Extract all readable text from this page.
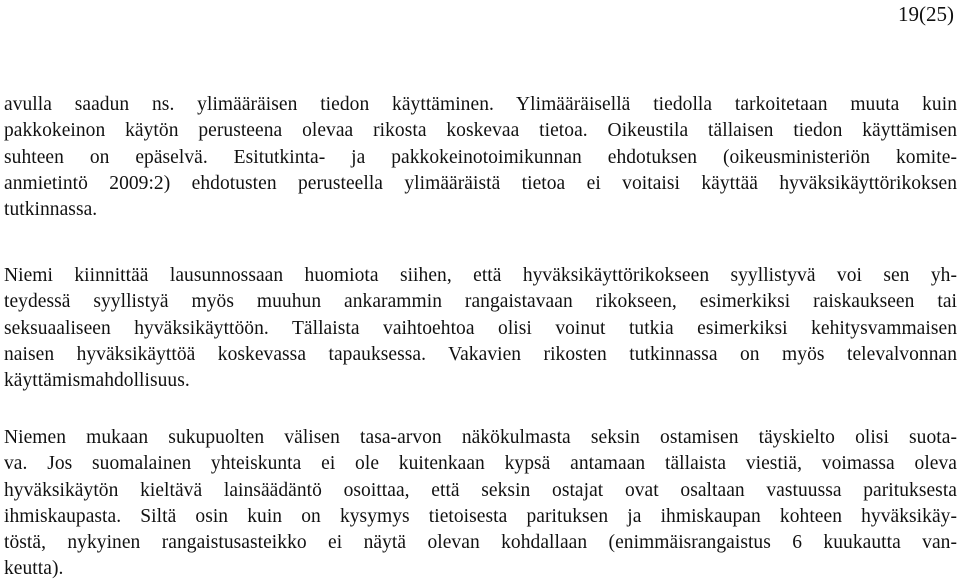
19(25)
avulla saadun ns. ylimääräisen tiedon käyttäminen. Ylimääräisellä tiedolla tarkoitetaan muuta kuin
pakkokeinon käytön perusteena olevaa rikosta koskevaa tietoa. Oikeustila tällaisen tiedon käyttämisen
suhteen on epäselvä. Esitutkinta- ja pakkokeinotoimikunnan ehdotuksen (oikeusministeriön komite-
anmietintö 2009:2) ehdotusten perusteella ylimääräistä tietoa ei voitaisi käyttää hyväksikäyttörikoksen
tutkinnassa.
Niemi kiinnittää lausunnossaan huomiota siihen, että hyväksikäyttörikokseen syyllistyvä voi sen yh-
teydessä syyllistyä myös muuhun ankarammin rangaistavaan rikokseen, esimerkiksi raiskaukseen tai
seksuaaliseen hyväksikäyttöön. Tällaista vaihtoehtoa olisi voinut tutkia esimerkiksi kehitysvammaisen
naisen hyväksikäyttöä koskevassa tapauksessa. Vakavien rikosten tutkinnassa on myös televalvonnan
käyttämismahdollisuus.
Niemen mukaan sukupuolten välisen tasa-arvon näkökulmasta seksin ostamisen täyskielto olisi suota-
va. Jos suomalainen yhteiskunta ei ole kuitenkaan kypsä antamaan tällaista viestiä, voimassa oleva
hyväksikäytön kieltävä lainsäädäntö osoittaa, että seksin ostajat ovat osaltaan vastuussa parituksesta
ihmiskaupasta. Siltä osin kuin on kysymys tietoisesta parituksen ja ihmiskaupan kohteen hyväksikäy-
töstä, nykyinen rangaistusasteikko ei näytä olevan kohdallaan (enimmäisrangaistus 6 kuukautta van-
keutta).
